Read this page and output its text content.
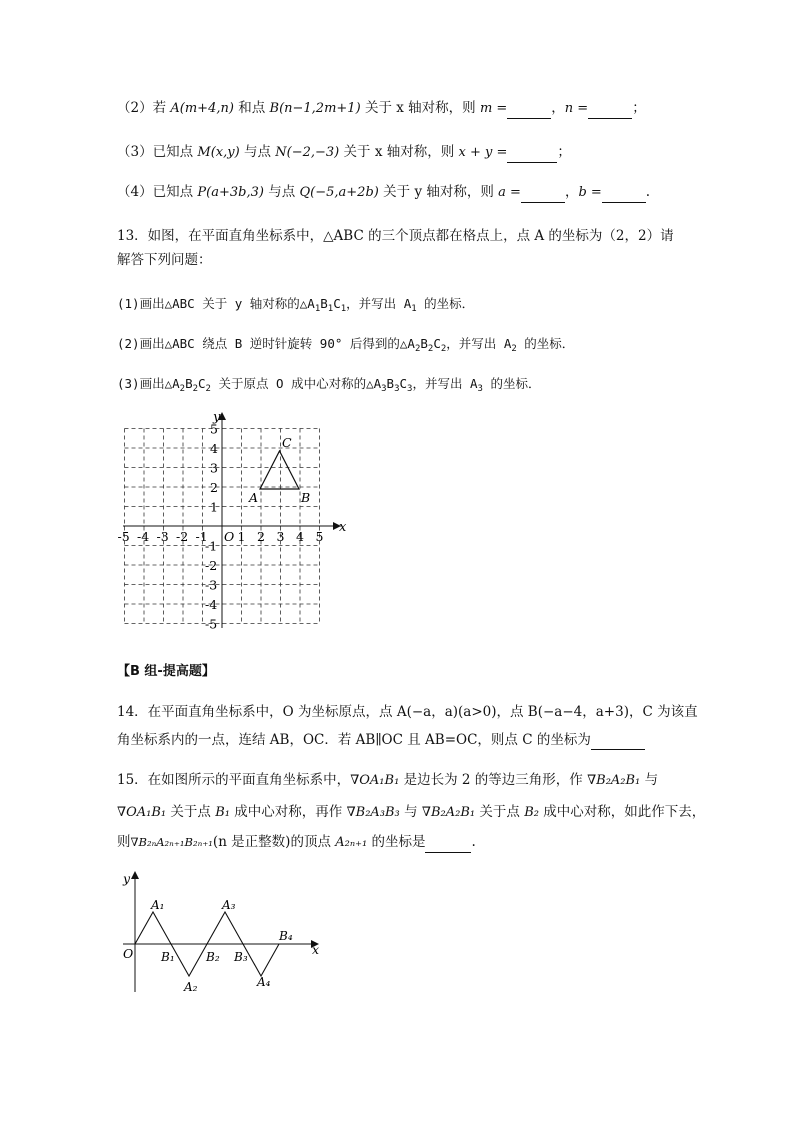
（2）若 A(m+4,n) 和点 B(n−1,2m+1) 关于 x 轴对称，则 m =	，n =	；
（3）已知点 M(x,y) 与点 N(−2,−3) 关于 x 轴对称，则 x + y =	；
（4）已知点 P(a+3b,3) 与点 Q(−5,a+2b) 关于 y 轴对称，则 a =	，b =	.
13．如图，在平面直角坐标系中，△ABC 的三个顶点都在格点上，点 A 的坐标为（2，2）请
解答下列问题：
(1)画出△ABC 关于 y 轴对称的$\triangle A_1B_1C_1$，并写出 $A_1$ 的坐标．
(2)画出△ABC 绕点 B 逆时针旋转 90° 后得到的$\triangle A_2B_2C_2$，并写出 $A_2$ 的坐标．
(3)画出$\triangle A_2B_2C_2$ 关于原点 O 成中心对称的$\triangle A_3B_3C_3$，并写出 $A_3$ 的坐标．
x
y
-5 -4 -3 -2 -1 1 2 3 4 5
5
4
3
2
1
-1
-2
-3
-4
-5
O
A	B
C
【B 组-提高题】
14．在平面直角坐标系中，O 为坐标原点，点 A(−a，a)(a>0)，点 B(−a−4，a+3)，C 为该直
角坐标系内的一点，连结 AB，OC．若 AB∥OC 且 AB=OC，则点 C 的坐标为
15．在如图所示的平面直角坐标系中，∇OA₁B₁ 是边长为 2 的等边三角形，作 ∇B₂A₂B₁ 与
∇OA₁B₁ 关于点 B₁ 成中心对称，再作 ∇B₂A₃B₃ 与 ∇B₂A₂B₁ 关于点 B₂ 成中心对称，如此作下去，
则∇B₂ₙA₂ₙ₊₁B₂ₙ₊₁(n 是正整数)的顶点 A₂ₙ₊₁ 的坐标是	.
y
x
O
A₁
B₁
A₂
B₂
A₃
B₃
A₄
B₄
